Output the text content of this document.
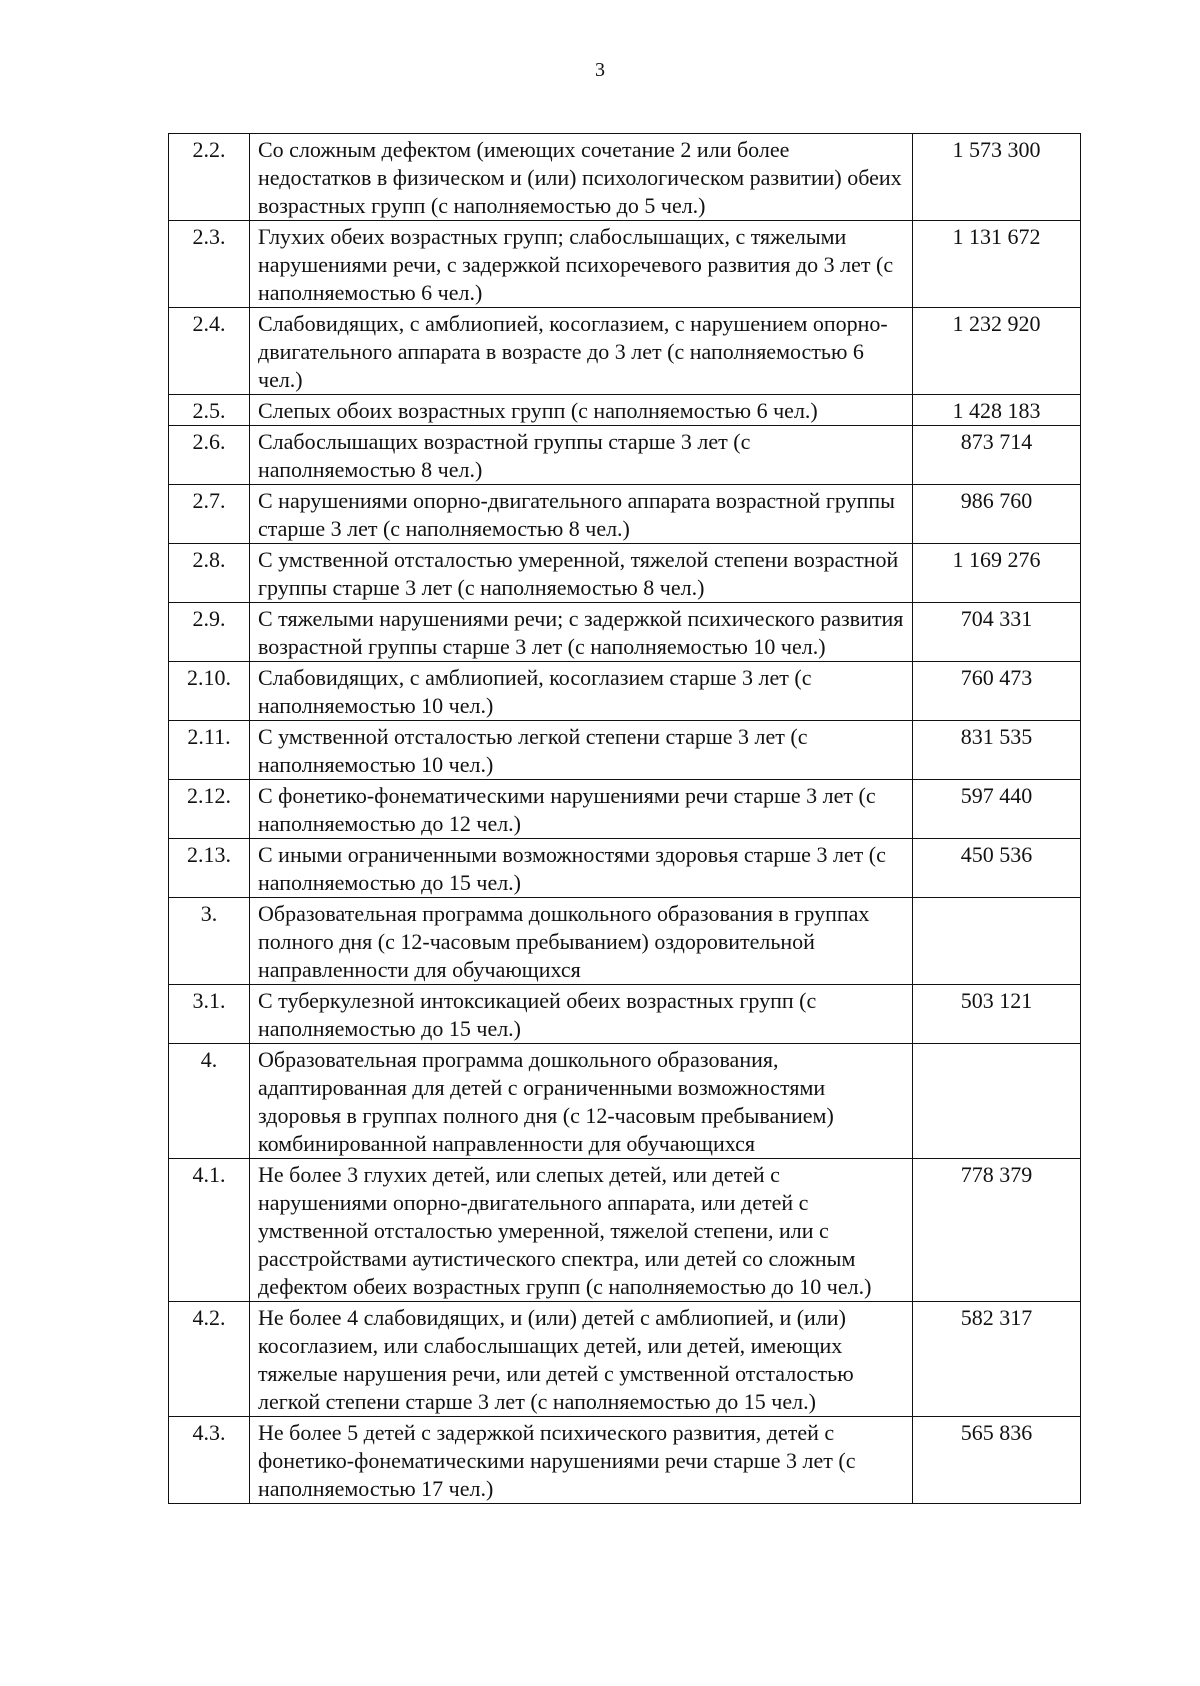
3
2.2.	Со сложным дефектом (имеющих сочетание 2 или более недостатков в физическом и (или) психологическом развитии) обеих возрастных групп (с наполняемостью до 5 чел.)	1 573 300
2.3.	Глухих обеих возрастных групп; слабослышащих, с тяжелыми нарушениями речи, с задержкой психоречевого развития до 3 лет (с наполняемостью 6 чел.)	1 131 672
2.4.	Слабовидящих, с амблиопией, косоглазием, с нарушением опорно-двигательного аппарата в возрасте до 3 лет (с наполняемостью 6 чел.)	1 232 920
2.5.	Слепых обоих возрастных групп (с наполняемостью 6 чел.)	1 428 183
2.6.	Слабослышащих возрастной группы старше 3 лет (с наполняемостью 8 чел.)	873 714
2.7.	С нарушениями опорно-двигательного аппарата возрастной группы старше 3 лет (с наполняемостью 8 чел.)	986 760
2.8.	С умственной отсталостью умеренной, тяжелой степени возрастной группы старше 3 лет (с наполняемостью 8 чел.)	1 169 276
2.9.	С тяжелыми нарушениями речи; с задержкой психического развития возрастной группы старше 3 лет (с наполняемостью 10 чел.)	704 331
2.10.	Слабовидящих, с амблиопией, косоглазием старше 3 лет (с наполняемостью 10 чел.)	760 473
2.11.	С умственной отсталостью легкой степени старше 3 лет (с наполняемостью 10 чел.)	831 535
2.12.	С фонетико-фонематическими нарушениями речи старше 3 лет (с наполняемостью до 12 чел.)	597 440
2.13.	С иными ограниченными возможностями здоровья старше 3 лет (с наполняемостью до 15 чел.)	450 536
3.	Образовательная программа дошкольного образования в группах полного дня (с 12-часовым пребыванием) оздоровительной направленности для обучающихся	
3.1.	С туберкулезной интоксикацией обеих возрастных групп (с наполняемостью до 15 чел.)	503 121
4.	Образовательная программа дошкольного образования, адаптированная для детей с ограниченными возможностями здоровья в группах полного дня (с 12-часовым пребыванием) комбинированной направленности для обучающихся	
4.1.	Не более 3 глухих детей, или слепых детей, или детей с нарушениями опорно-двигательного аппарата, или детей с умственной отсталостью умеренной, тяжелой степени, или с расстройствами аутистического спектра, или детей со сложным дефектом обеих возрастных групп (с наполняемостью до 10 чел.)	778 379
4.2.	Не более 4 слабовидящих, и (или) детей с амблиопией, и (или) косоглазием, или слабослышащих детей, или детей, имеющих тяжелые нарушения речи, или детей с умственной отсталостью легкой степени старше 3 лет (с наполняемостью до 15 чел.)	582 317
4.3.	Не более 5 детей с задержкой психического развития, детей с фонетико-фонематическими нарушениями речи старше 3 лет (с наполняемостью 17 чел.)	565 836
